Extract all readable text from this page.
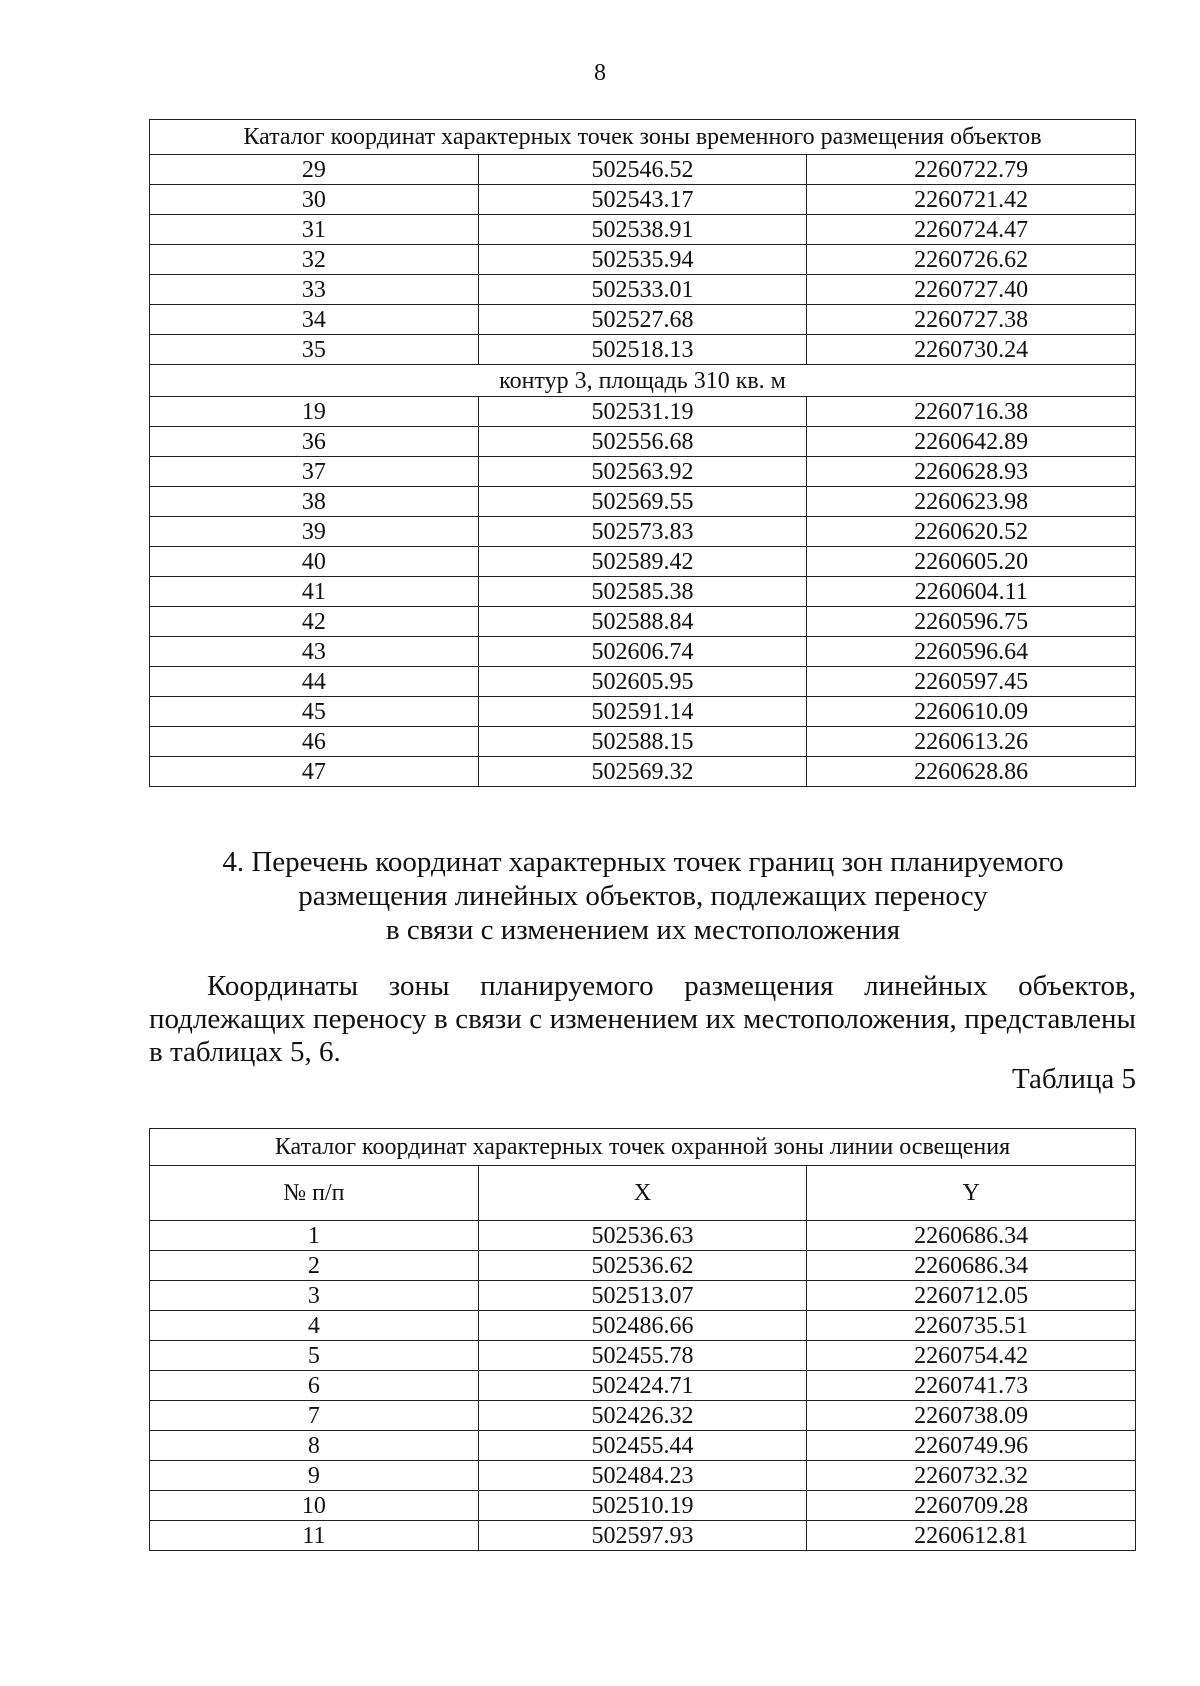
8
Каталог координат характерных точек зоны временного размещения объектов		
29	502546.52	2260722.79
30	502543.17	2260721.42
31	502538.91	2260724.47
32	502535.94	2260726.62
33	502533.01	2260727.40
34	502527.68	2260727.38
35	502518.13	2260730.24
контур 3, площадь 310 кв. м		
19	502531.19	2260716.38
36	502556.68	2260642.89
37	502563.92	2260628.93
38	502569.55	2260623.98
39	502573.83	2260620.52
40	502589.42	2260605.20
41	502585.38	2260604.11
42	502588.84	2260596.75
43	502606.74	2260596.64
44	502605.95	2260597.45
45	502591.14	2260610.09
46	502588.15	2260613.26
47	502569.32	2260628.86
4. Перечень координат характерных точек границ зон планируемого
размещения линейных объектов, подлежащих переносу
в связи с изменением их местоположения
Координаты зоны планируемого размещения линейных объектов,
подлежащих переносу в связи с изменением их местоположения, представлены
в таблицах 5, 6.
Таблица 5
Каталог координат характерных точек охранной зоны линии освещения		
№ п/п	X	Y
1	502536.63	2260686.34
2	502536.62	2260686.34
3	502513.07	2260712.05
4	502486.66	2260735.51
5	502455.78	2260754.42
6	502424.71	2260741.73
7	502426.32	2260738.09
8	502455.44	2260749.96
9	502484.23	2260732.32
10	502510.19	2260709.28
11	502597.93	2260612.81
